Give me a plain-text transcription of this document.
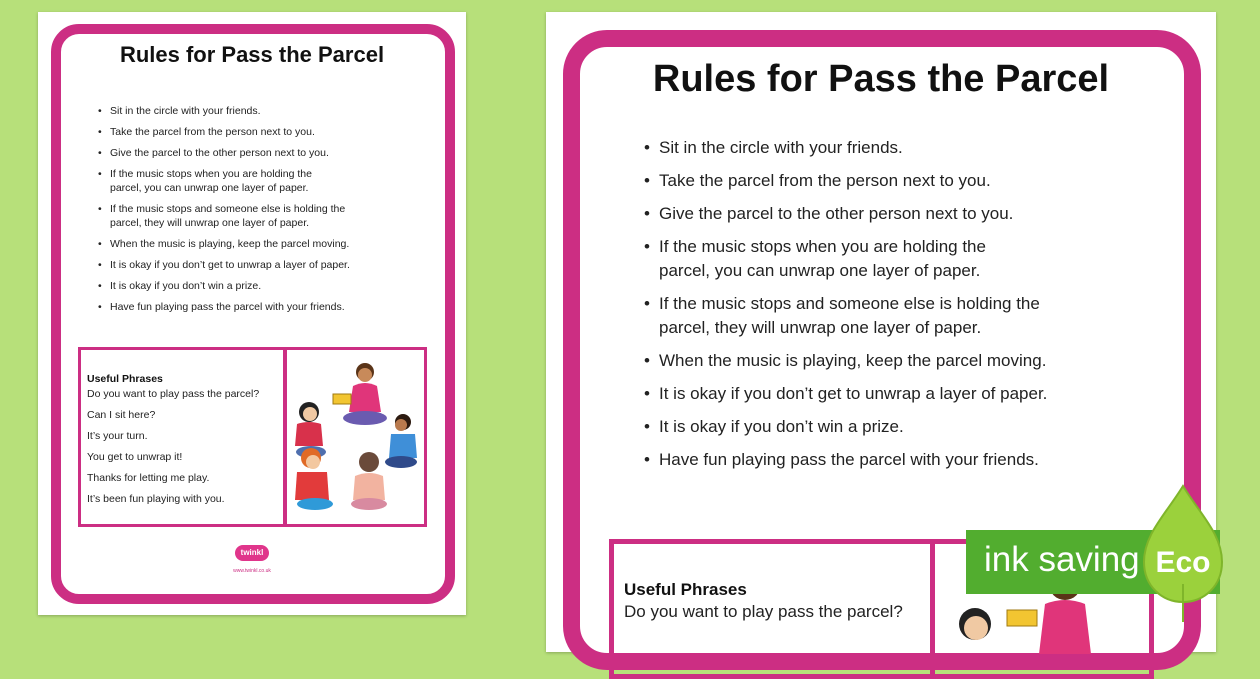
Rules for Pass the Parcel
• Sit in the circle with your friends.
• Take the parcel from the person next to you.
• Give the parcel to the other person next to you.
• If the music stops when you are holding the
parcel, you can unwrap one layer of paper.
• If the music stops and someone else is holding the
parcel, they will unwrap one layer of paper.
• When the music is playing, keep the parcel moving.
• It is okay if you don’t get to unwrap a layer of paper.
• It is okay if you don’t win a prize.
• Have fun playing pass the parcel with your friends.
Useful Phrases
Do you want to play pass the parcel?
Can I sit here?
It’s your turn.
You get to unwrap it!
Thanks for letting me play.
It’s been fun playing with you.
twinkl
www.twinkl.co.uk
Rules for Pass the Parcel
• Sit in the circle with your friends.
• Take the parcel from the person next to you.
• Give the parcel to the other person next to you.
• If the music stops when you are holding the
parcel, you can unwrap one layer of paper.
• If the music stops and someone else is holding the
parcel, they will unwrap one layer of paper.
• When the music is playing, keep the parcel moving.
• It is okay if you don’t get to unwrap a layer of paper.
• It is okay if you don’t win a prize.
• Have fun playing pass the parcel with your friends.
Useful Phrases
Do you want to play pass the parcel?
ink saving Eco
